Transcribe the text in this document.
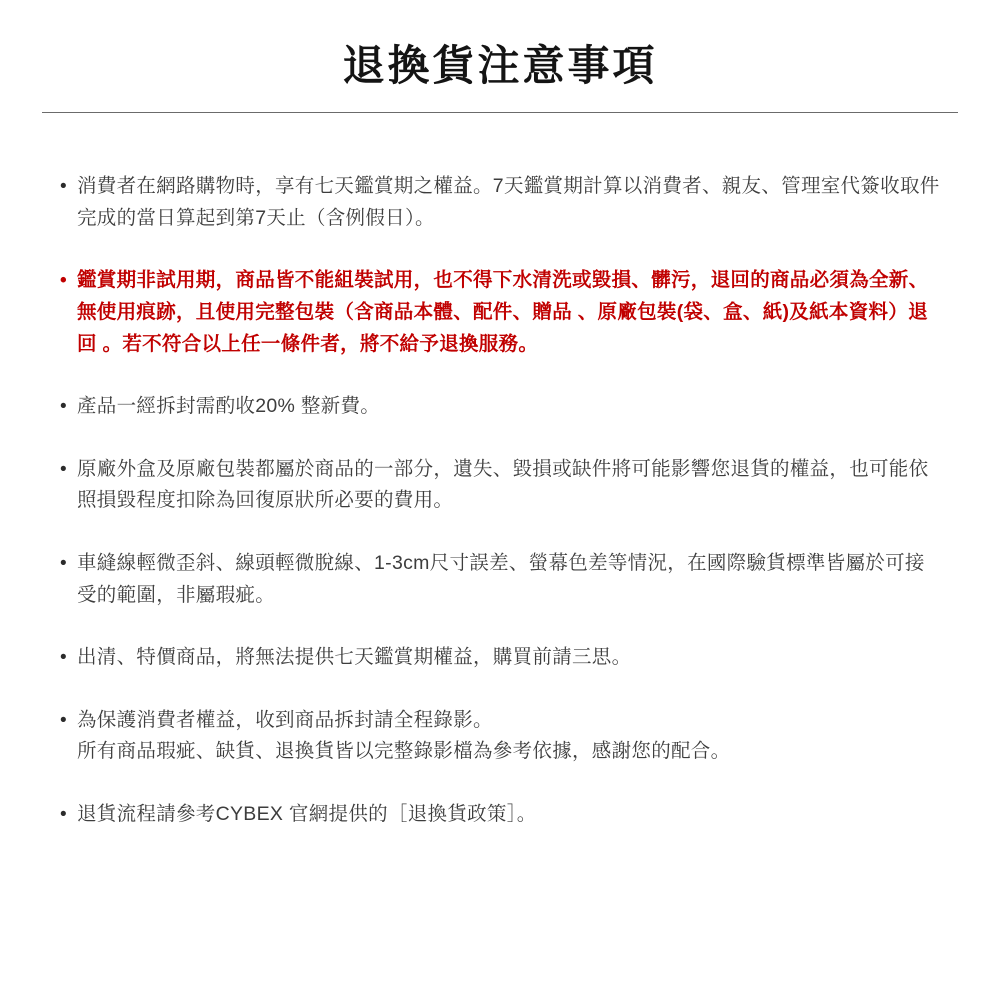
退換貨注意事項
• 消費者在網路購物時，享有七天鑑賞期之權益。7天鑑賞期計算以消費者、親友、管理室代簽收取件完成的當日算起到第7天止（含例假日）。
• 鑑賞期非試用期，商品皆不能組裝試用，也不得下水清洗或毀損、髒污，退回的商品必須為全新、無使用痕跡，且使用完整包裝（含商品本體、配件、贈品 、原廠包裝(袋、盒、紙)及紙本資料）退回 。若不符合以上任一條件者，將不給予退換服務。
• 產品一經拆封需酌收20% 整新費。
• 原廠外盒及原廠包裝都屬於商品的一部分，遺失、毀損或缺件將可能影響您退貨的權益，也可能依照損毀程度扣除為回復原狀所必要的費用。
• 車縫線輕微歪斜、線頭輕微脫線、1-3cm尺寸誤差、螢幕色差等情況，在國際驗貨標準皆屬於可接受的範圍，非屬瑕疵。
• 出清、特價商品，將無法提供七天鑑賞期權益，購買前請三思。
• 為保護消費者權益，收到商品拆封請全程錄影。
所有商品瑕疵、缺貨、退換貨皆以完整錄影檔為參考依據，感謝您的配合。
• 退貨流程請參考CYBEX 官網提供的［退換貨政策］。
